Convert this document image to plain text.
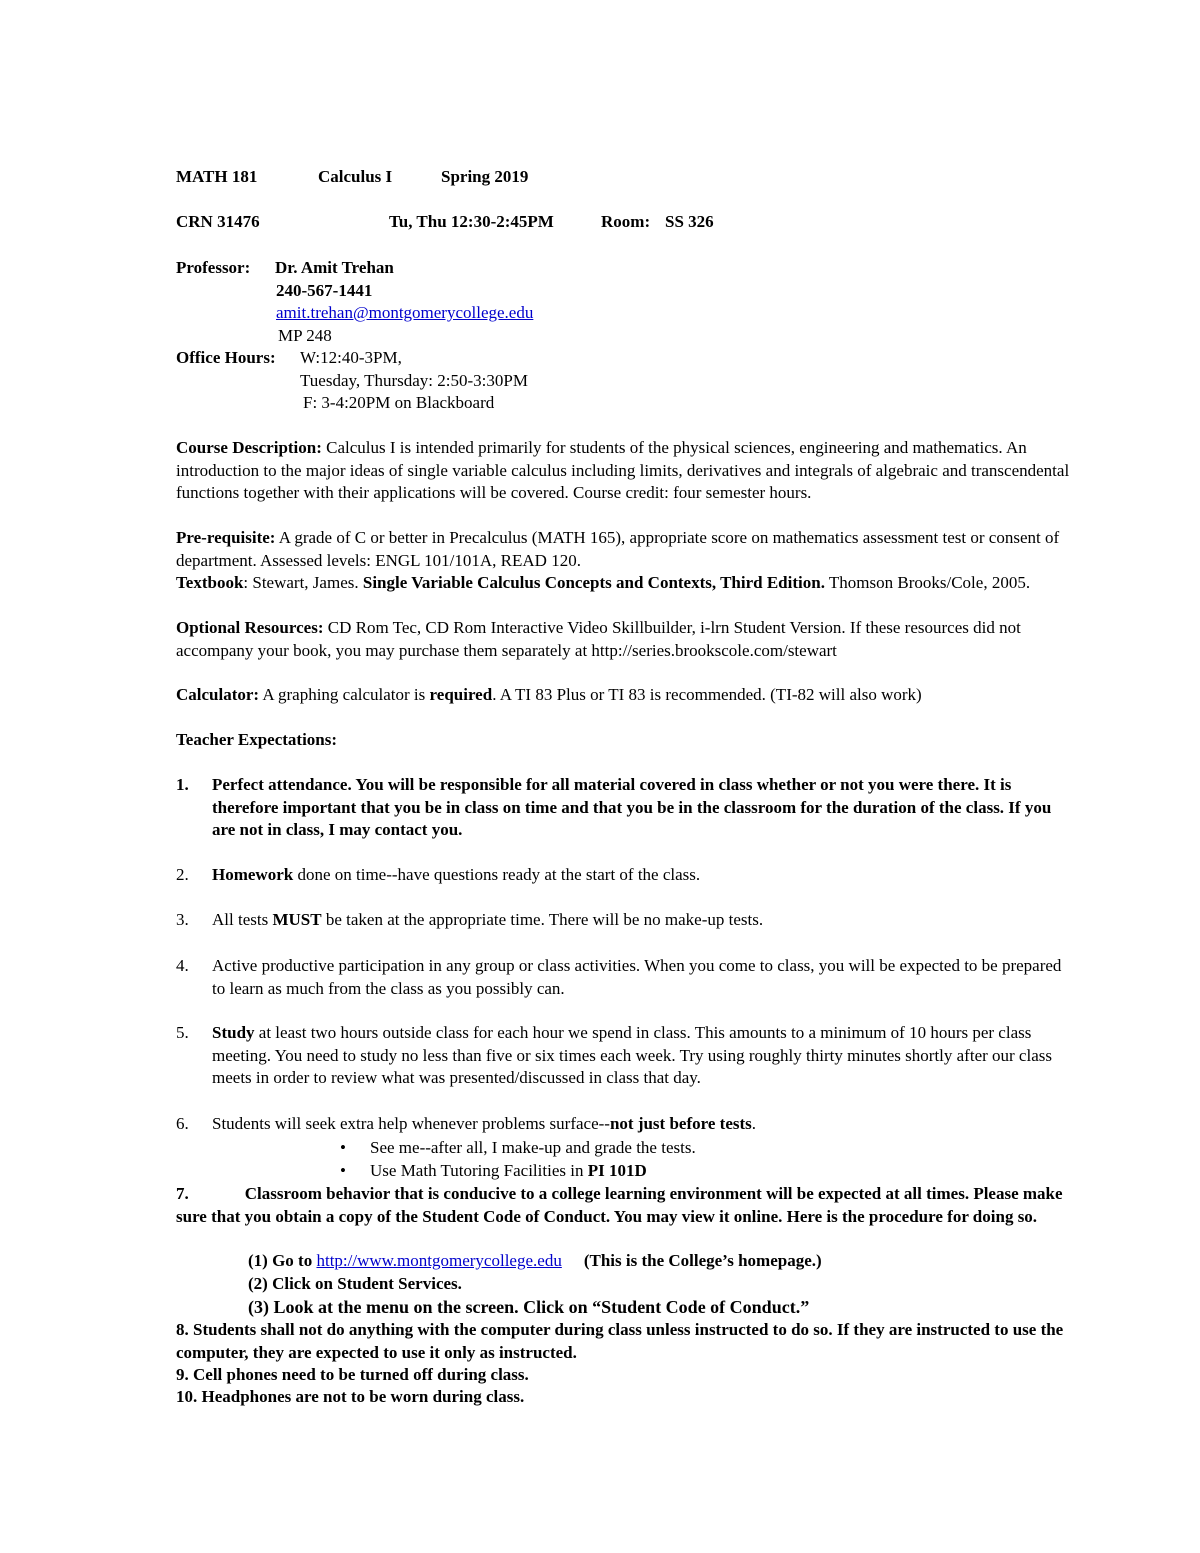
MATH 181	Calculus I	Spring 2019
CRN 31476	Tu, Thu 12:30-2:45PM	Room: SS 326
Professor: Dr. Amit Trehan
240-567-1441
amit.trehan@montgomerycollege.edu
MP 248
Office Hours: W:12:40-3PM,
Tuesday, Thursday: 2:50-3:30PM
F: 3-4:20PM on Blackboard
Course Description: Calculus I is intended primarily for students of the physical sciences, engineering and mathematics. An introduction to the major ideas of single variable calculus including limits, derivatives and integrals of algebraic and transcendental functions together with their applications will be covered. Course credit: four semester hours.
Pre-requisite: A grade of C or better in Precalculus (MATH 165), appropriate score on mathematics assessment test or consent of department. Assessed levels: ENGL 101/101A, READ 120.
Textbook: Stewart, James. Single Variable Calculus Concepts and Contexts, Third Edition. Thomson Brooks/Cole, 2005.
Optional Resources: CD Rom Tec, CD Rom Interactive Video Skillbuilder, i-lrn Student Version. If these resources did not accompany your book, you may purchase them separately at http://series.brookscole.com/stewart
Calculator: A graphing calculator is required. A TI 83 Plus or TI 83 is recommended. (TI-82 will also work)
Teacher Expectations:
1. Perfect attendance. You will be responsible for all material covered in class whether or not you were there. It is therefore important that you be in class on time and that you be in the classroom for the duration of the class. If you are not in class, I may contact you.
2. Homework done on time--have questions ready at the start of the class.
3. All tests MUST be taken at the appropriate time. There will be no make-up tests.
4. Active productive participation in any group or class activities. When you come to class, you will be expected to be prepared to learn as much from the class as you possibly can.
5. Study at least two hours outside class for each hour we spend in class. This amounts to a minimum of 10 hours per class meeting. You need to study no less than five or six times each week. Try using roughly thirty minutes shortly after our class meets in order to review what was presented/discussed in class that day.
6. Students will seek extra help whenever problems surface--not just before tests.
• See me--after all, I make-up and grade the tests.
• Use Math Tutoring Facilities in PI 101D
7.	Classroom behavior that is conducive to a college learning environment will be expected at all times. Please make sure that you obtain a copy of the Student Code of Conduct. You may view it online. Here is the procedure for doing so.
(1) Go to http://www.montgomerycollege.edu (This is the College’s homepage.)
(2) Click on Student Services.
(3) Look at the menu on the screen. Click on “Student Code of Conduct.”
8. Students shall not do anything with the computer during class unless instructed to do so. If they are instructed to use the computer, they are expected to use it only as instructed.
9. Cell phones need to be turned off during class.
10. Headphones are not to be worn during class.
